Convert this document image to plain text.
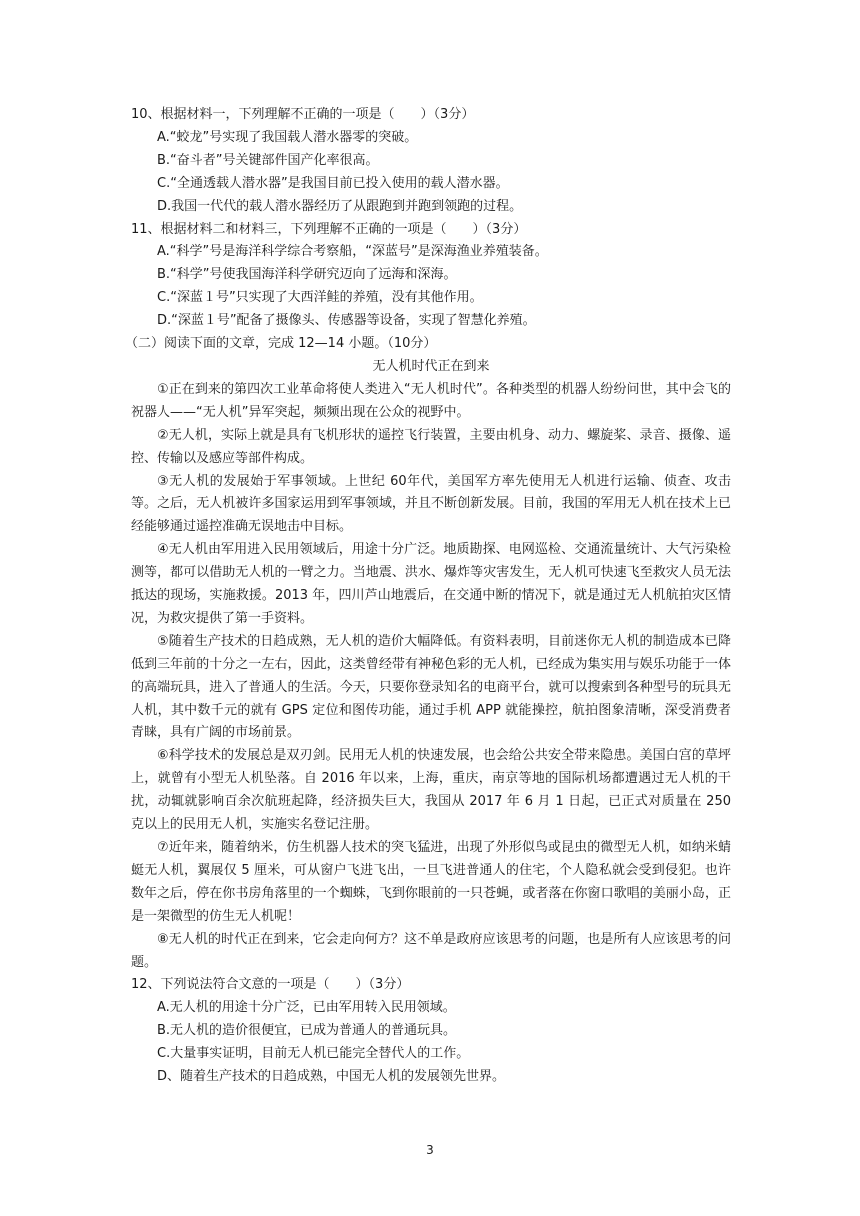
10、根据材料一，下列理解不正确的一项是（　　）（3分）
A.“蛟龙”号实现了我国载人潜水器零的突破。
B.“奋斗者”号关键部件国产化率很高。
C.“全通透载人潜水器”是我国目前已投入使用的载人潜水器。
D.我国一代代的载人潜水器经历了从跟跑到并跑到领跑的过程。
11、根据材料二和材料三，下列理解不正确的一项是（　　）（3分）
A.“科学”号是海洋科学综合考察船，“深蓝号”是深海渔业养殖装备。
B.“科学”号使我国海洋科学研究迈向了远海和深海。
C.“深蓝１号”只实现了大西洋鲑的养殖，没有其他作用。
D.“深蓝１号”配备了摄像头、传感器等设备，实现了智慧化养殖。
（二）阅读下面的文章，完成 12—14 小题。（10分）
无人机时代正在到来
①正在到来的第四次工业革命将使人类进入“无人机时代”。各种类型的机器人纷纷问世，其中会飞的祝器人——“无人机”异军突起，频频出现在公众的视野中。
②无人机，实际上就是具有飞机形状的遥控飞行装置，主要由机身、动力、螺旋桨、录音、摄像、遥控、传输以及感应等部件构成。
③无人机的发展始于军事领域。上世纪 60年代，美国军方率先使用无人机进行运输、侦查、攻击等。之后，无人机被许多国家运用到军事领域，并且不断创新发展。目前，我国的军用无人机在技术上已经能够通过遥控准确无误地击中目标。
④无人机由军用进入民用领域后，用途十分广泛。地质勘探、电网巡检、交通流量统计、大气污染检测等，都可以借助无人机的一臂之力。当地震、洪水、爆炸等灾害发生，无人机可快速飞至救灾人员无法抵达的现场，实施救援。2013 年，四川芦山地震后，在交通中断的情况下，就是通过无人机航拍灾区情况，为救灾提供了第一手资料。
⑤随着生产技术的日趋成熟，无人机的造价大幅降低。有资料表明，目前迷你无人机的制造成本已降低到三年前的十分之一左右，因此，这类曾经带有神秘色彩的无人机，已经成为集实用与娱乐功能于一体的高端玩具，进入了普通人的生活。今天，只要你登录知名的电商平台，就可以搜索到各种型号的玩具无人机，其中数千元的就有 GPS 定位和图传功能，通过手机 APP 就能操控，航拍图象清晰，深受消费者青睐，具有广阔的市场前景。
⑥科学技术的发展总是双刃剑。民用无人机的快速发展，也会给公共安全带来隐患。美国白宫的草坪上，就曾有小型无人机坠落。自 2016 年以来，上海，重庆，南京等地的国际机场都遭遇过无人机的干扰，动辄就影响百余次航班起降，经济损失巨大，我国从 2017 年 6 月 1 日起，已正式对质量在 250 克以上的民用无人机，实施实名登记注册。
⑦近年来，随着纳米，仿生机器人技术的突飞猛进，出现了外形似鸟或昆虫的微型无人机，如纳米蜻蜓无人机，翼展仅 5 厘米，可从窗户飞进飞出，一旦飞进普通人的住宅，个人隐私就会受到侵犯。也许数年之后，停在你书房角落里的一个蜘蛛，飞到你眼前的一只苍蝇，或者落在你窗口歌唱的美丽小岛，正是一架微型的仿生无人机呢！
⑧无人机的时代正在到来，它会走向何方？这不单是政府应该思考的问题，也是所有人应该思考的问题。
12、下列说法符合文意的一项是（　　）（3分）
A.无人机的用途十分广泛，已由军用转入民用领域。
B.无人机的造价很便宜，已成为普通人的普通玩具。
C.大量事实证明，目前无人机已能完全替代人的工作。
D、随着生产技术的日趋成熟，中国无人机的发展领先世界。
3
